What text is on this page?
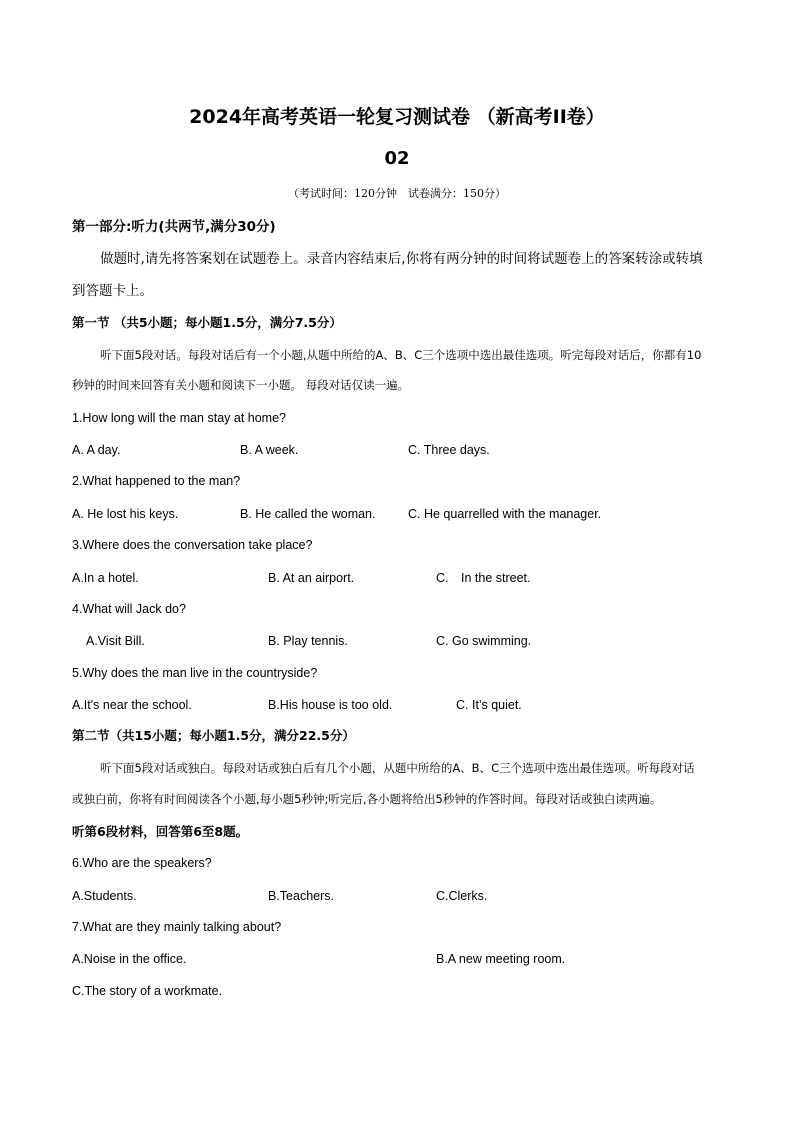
2024年高考英语一轮复习测试卷 （新高考II卷）
02
（考试时间：120分钟　试卷满分：150分）
第一部分:听力(共两节,满分30分)
做题时,请先将答案划在试题卷上。录音内容结束后,你将有两分钟的时间将试题卷上的答案转涂或转填
到答题卡上。
第一节 （共5小题；每小题1.5分，满分7.5分）
听下面5段对话。每段对话后有一个小题,从题中所给的A、B、C三个选项中选出最佳选项。听完每段对话后，你都有10
秒钟的时间来回答有关小题和阅读下一小题。 每段对话仅读一遍。
1.How long will the man stay at home?
A. A day.	B. A week.	C. Three days.
2.What happened to the man?
A. He lost his keys.	B. He called the woman.	C. He quarrelled with the manager.
3.Where does the conversation take place?
A.In a hotel.	B. At an airport.	C.　In the street.
4.What will Jack do?
A.Visit Bill.	B. Play tennis.	C. Go swimming.
5.Why does the man live in the countryside?
A.It's near the school.	B.His house is too old.	C. It’s quiet.
第二节（共15小题；每小题1.5分，满分22.5分）
听下面5段对话或独白。每段对话或独白后有几个小题，从题中所给的A、B、C三个选项中选出最佳选项。听每段对话
或独白前，你将有时间阅读各个小题,每小题5秒钟;听完后,各小题将给出5秒钟的作答时间。每段对话或独白读两遍。
听第6段材料，回答第6至8题。
6.Who are the speakers?
A.Students.	B.Teachers.	C.Clerks.
7.What are they mainly talking about?
A.Noise in the office.	B.A new meeting room.
C.The story of a workmate.
